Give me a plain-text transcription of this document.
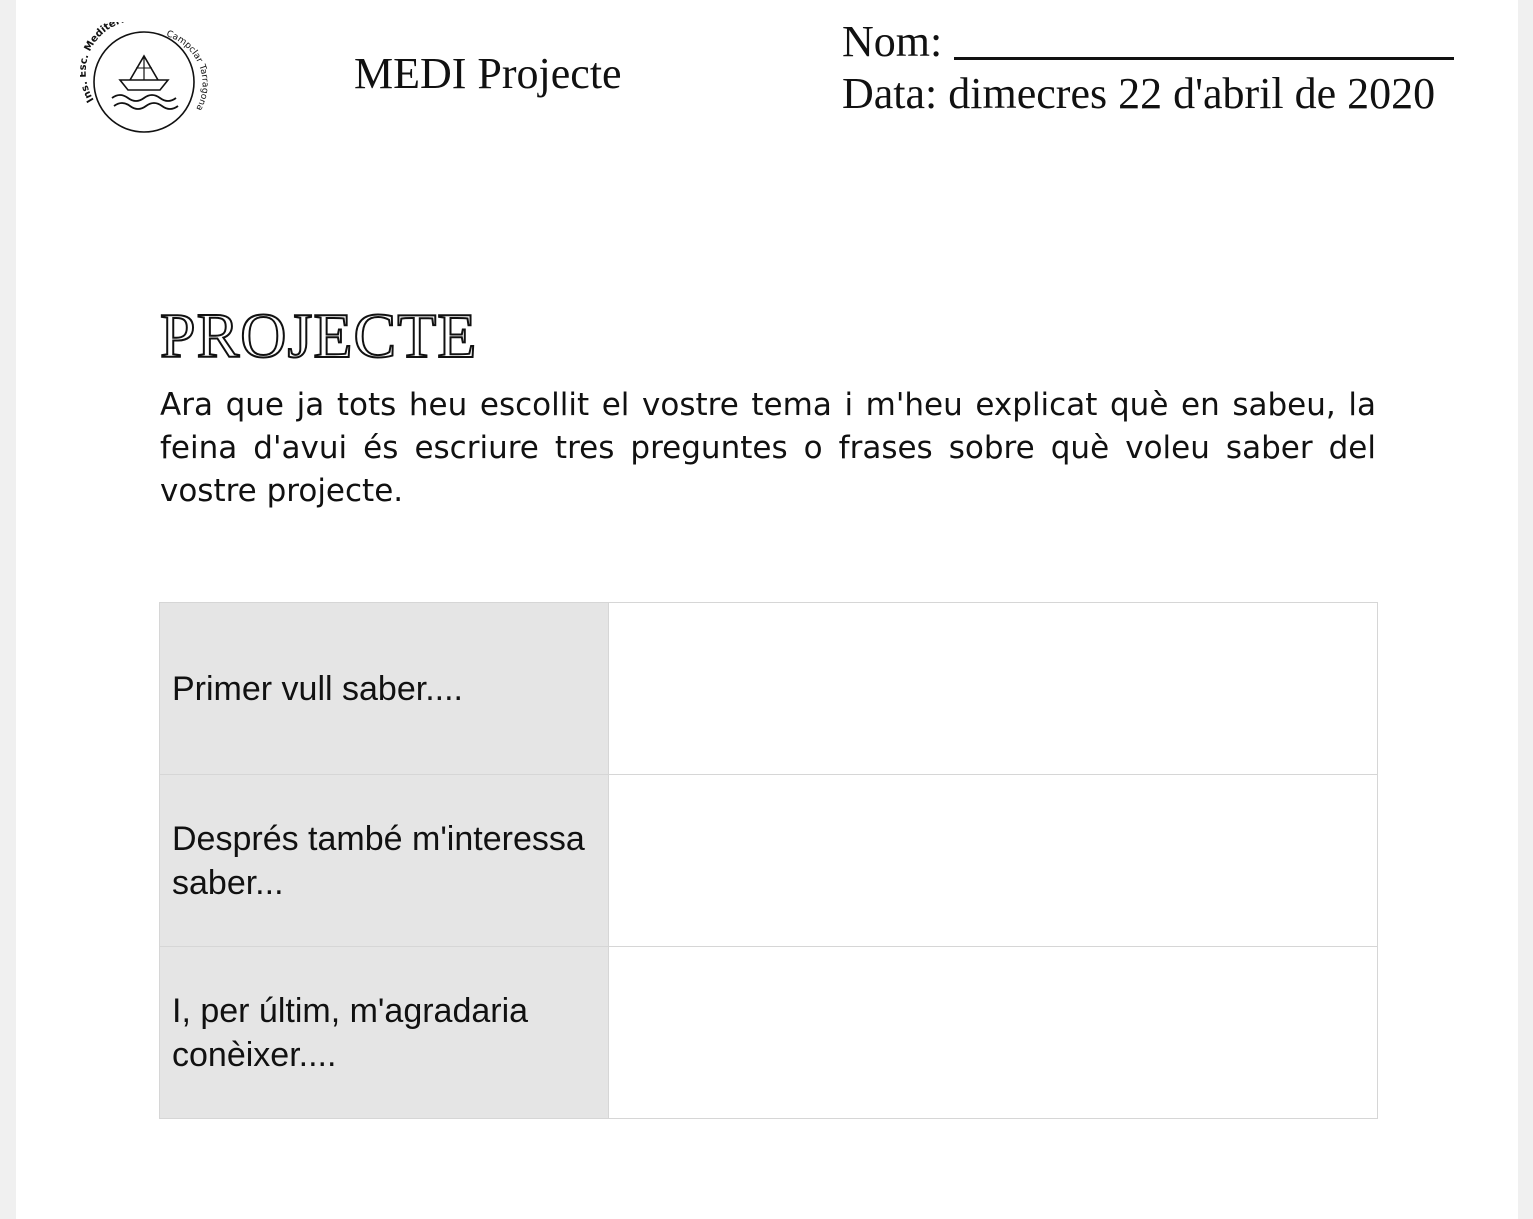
Ins . Medite
Campclar Tarragona
MEDI Projecte
Nom:
Data: dimecres 22 d'abril de 2020
PROJECTE
Ara que ja tots heu escollit el vostre tema i m'heu explicat què en sabeu, la feina d'avui és escriure tres preguntes o frases sobre què voleu saber del vostre projecte.
Primer vull saber....	
Després també m'interessa saber...	
I, per últim, m'agradaria conèixer....	
